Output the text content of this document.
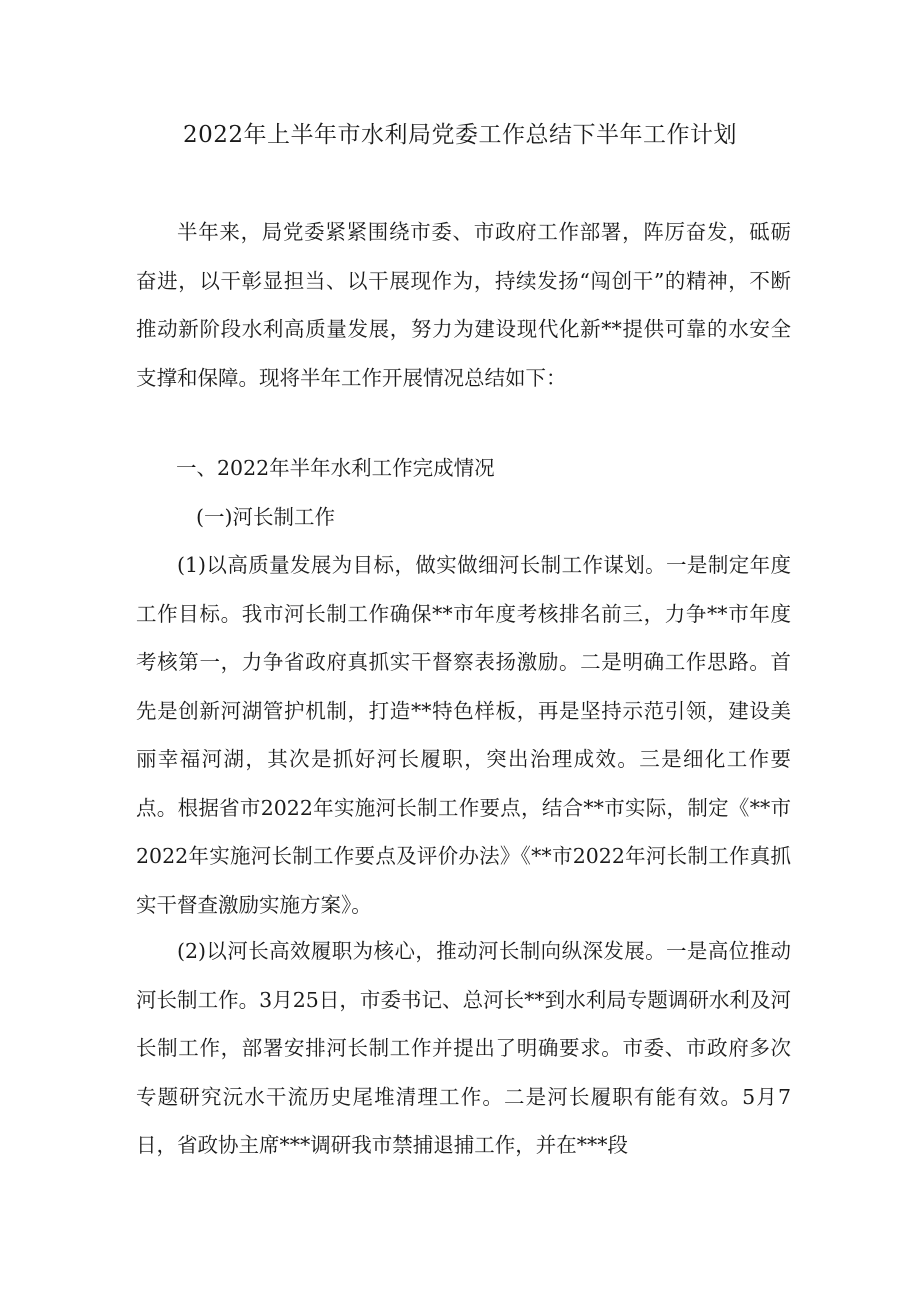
2022年上半年市水利局党委工作总结下半年工作计划

半年来，局党委紧紧围绕市委、市政府工作部署，阵厉奋发，砥砺奋进，以干彰显担当、以干展现作为，持续发扬“闯创干”的精神，不断推动新阶段水利高质量发展，努力为建设现代化新**提供可靠的水安全支撑和保障。现将半年工作开展情况总结如下：

一、2022年半年水利工作完成情况

(一)河长制工作

(1)以高质量发展为目标，做实做细河长制工作谋划。一是制定年度工作目标。我市河长制工作确保**市年度考核排名前三，力争**市年度考核第一，力争省政府真抓实干督察表扬激励。二是明确工作思路。首先是创新河湖管护机制，打造**特色样板，再是坚持示范引领，建设美丽幸福河湖，其次是抓好河长履职，突出治理成效。三是细化工作要点。根据省市2022年实施河长制工作要点，结合**市实际，制定《**市2022年实施河长制工作要点及评价办法》《**市2022年河长制工作真抓实干督查激励实施方案》。

(2)以河长高效履职为核心，推动河长制向纵深发展。一是高位推动河长制工作。3月25日，市委书记、总河长**到水利局专题调研水利及河长制工作，部署安排河长制工作并提出了明确要求。市委、市政府多次专题研究沅水干流历史尾堆清理工作。二是河长履职有能有效。5月7日，省政协主席***调研我市禁捕退捕工作，并在***段
